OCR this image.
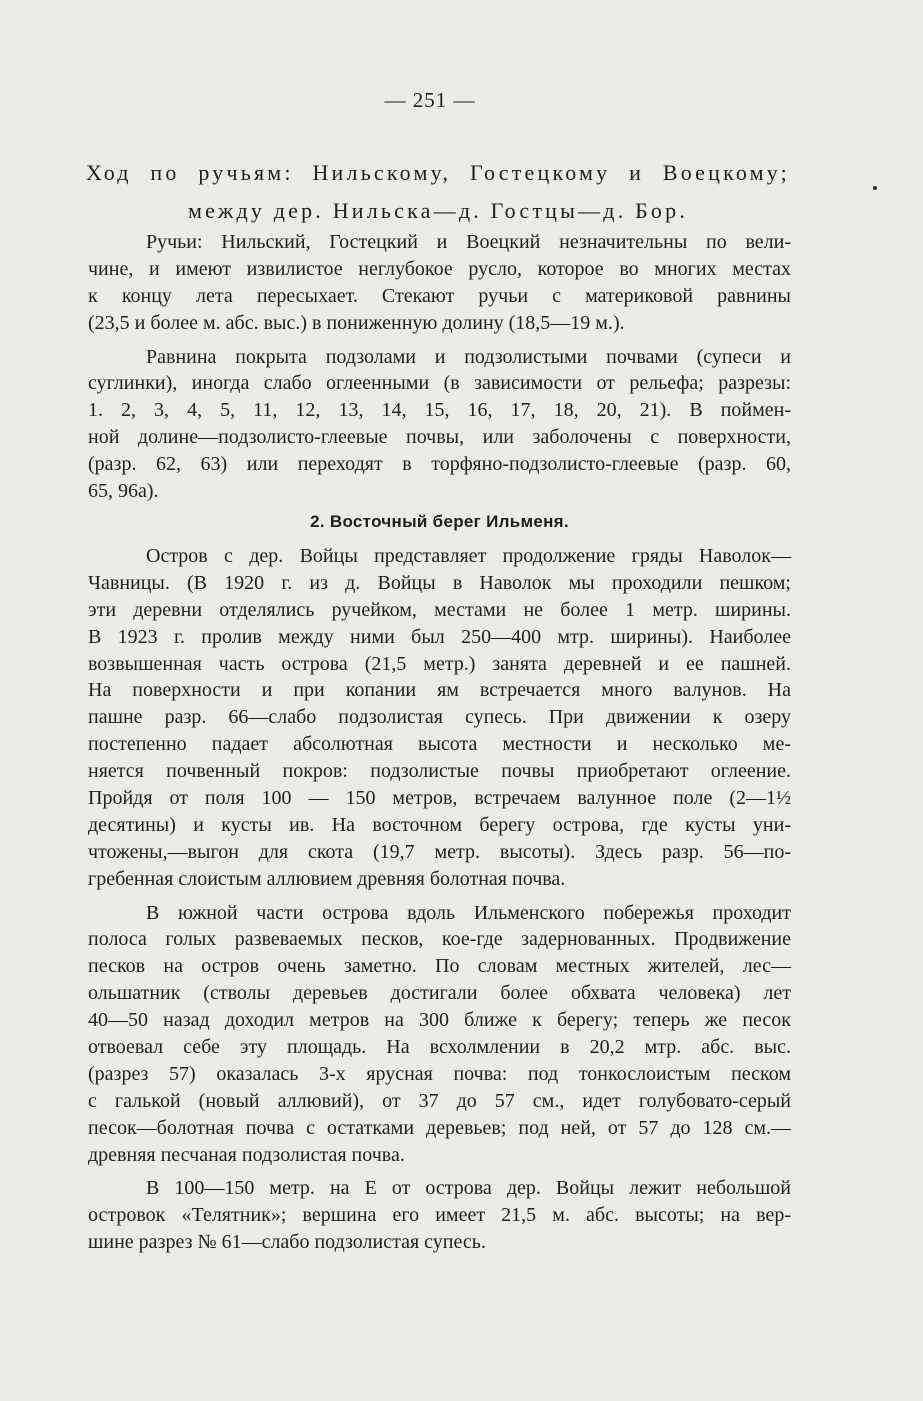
— 251 —
Ход по ручьям: Нильскому, Гостецкому и Воецкому;
между дер. Нильска—д. Гостцы—д. Бор.
Ручьи: Нильский, Гостецкий и Воецкий незначительны по вели-
чине, и имеют извилистое неглубокое русло, которое во многих местах
к концу лета пересыхает. Стекают ручьи с материковой равнины
(23,5 и более м. абс. выс.) в пониженную долину (18,5—19 м.).
Равнина покрыта подзолами и подзолистыми почвами (супеси и
суглинки), иногда слабо оглеенными (в зависимости от рельефа; разрезы:
1. 2, 3, 4, 5, 11, 12, 13, 14, 15, 16, 17, 18, 20, 21). В поймен-
ной долине—подзолисто-глеевые почвы, или заболочены с поверхности,
(разр. 62, 63) или переходят в торфяно-подзолисто-глеевые (разр. 60,
65, 96а).
2. Восточный берег Ильменя.
Остров с дер. Войцы представляет продолжение гряды Наволок—
Чавницы. (В 1920 г. из д. Войцы в Наволок мы проходили пешком;
эти деревни отделялись ручейком, местами не более 1 метр. ширины.
В 1923 г. пролив между ними был 250—400 мтр. ширины). Наиболее
возвышенная часть острова (21,5 метр.) занята деревней и ее пашней.
На поверхности и при копании ям встречается много валунов. На
пашне разр. 66—слабо подзолистая супесь. При движении к озеру
постепенно падает абсолютная высота местности и несколько ме-
няется почвенный покров: подзолистые почвы приобретают оглеение.
Пройдя от поля 100 — 150 метров, встречаем валунное поле (2—1½
десятины) и кусты ив. На восточном берегу острова, где кусты уни-
чтожены,—выгон для скота (19,7 метр. высоты). Здесь разр. 56—по-
гребенная слоистым аллювием древняя болотная почва.
В южной части острова вдоль Ильменского побережья проходит
полоса голых развеваемых песков, кое-где задернованных. Продвижение
песков на остров очень заметно. По словам местных жителей, лес—
ольшатник (стволы деревьев достигали более обхвата человека) лет
40—50 назад доходил метров на 300 ближе к берегу; теперь же песок
отвоевал себе эту площадь. На всхолмлении в 20,2 мтр. абс. выс.
(разрез 57) оказалась 3-х ярусная почва: под тонкослоистым песком
с галькой (новый аллювий), от 37 до 57 см., идет голубовато-серый
песок—болотная почва с остатками деревьев; под ней, от 57 до 128 см.—
древняя песчаная подзолистая почва.
В 100—150 метр. на Е от острова дер. Войцы лежит небольшой
островок «Телятник»; вершина его имеет 21,5 м. абс. высоты; на вер-
шине разрез № 61—слабо подзолистая супесь.
